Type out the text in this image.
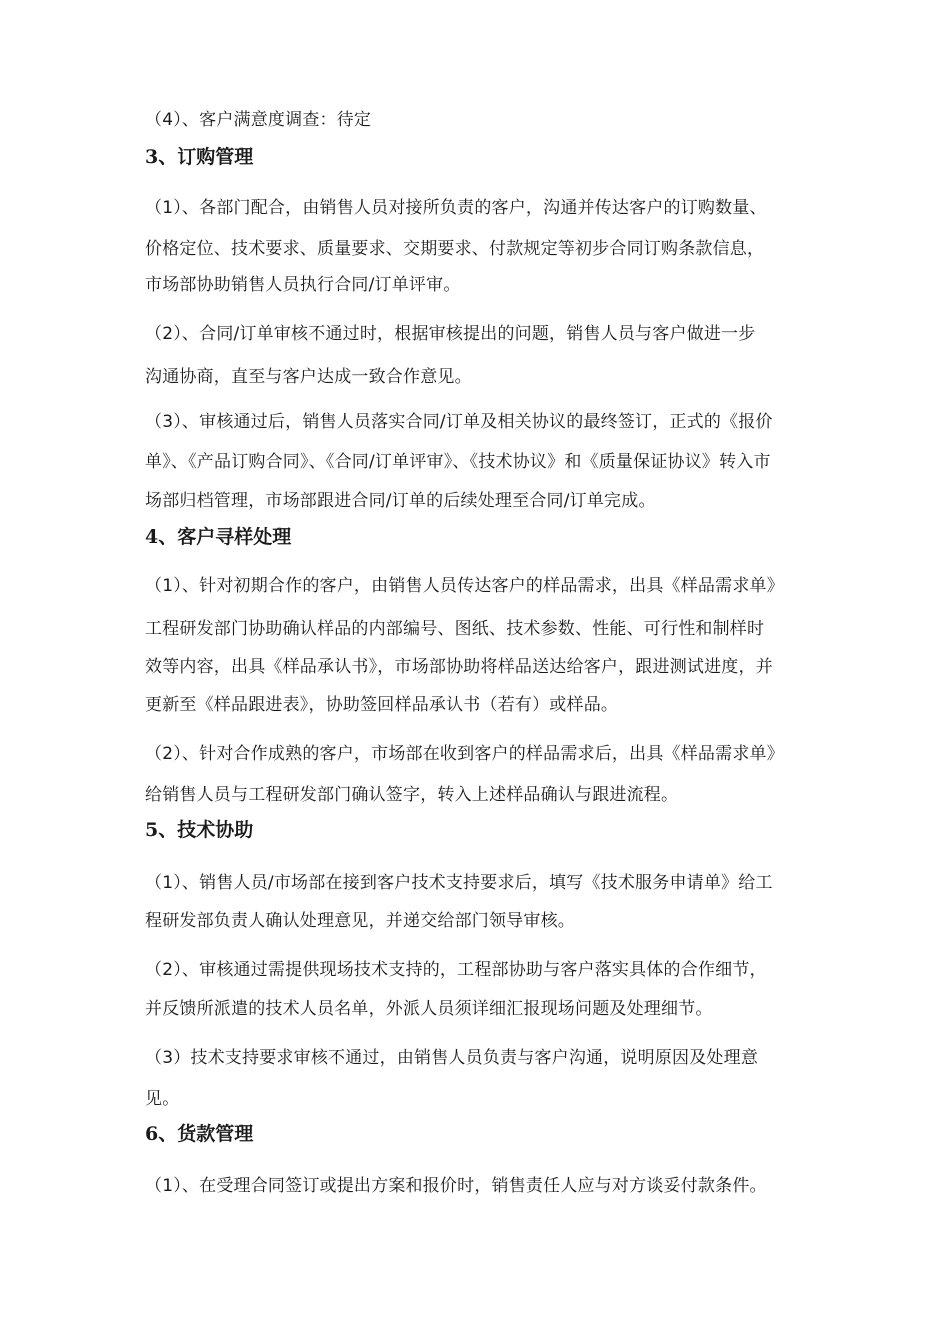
（4）、客户满意度调查：待定
3、订购管理
（1）、各部门配合，由销售人员对接所负责的客户，沟通并传达客户的订购数量、
价格定位、技术要求、质量要求、交期要求、付款规定等初步合同订购条款信息，
市场部协助销售人员执行合同/订单评审。
（2）、合同/订单审核不通过时，根据审核提出的问题，销售人员与客户做进一步
沟通协商，直至与客户达成一致合作意见。
（3）、审核通过后，销售人员落实合同/订单及相关协议的最终签订，正式的《报价
单》、《产品订购合同》、《合同/订单评审》、《技术协议》和《质量保证协议》转入市
场部归档管理，市场部跟进合同/订单的后续处理至合同/订单完成。
4、客户寻样处理
（1）、针对初期合作的客户，由销售人员传达客户的样品需求，出具《样品需求单》
工程研发部门协助确认样品的内部编号、图纸、技术参数、性能、可行性和制样时
效等内容，出具《样品承认书》，市场部协助将样品送达给客户，跟进测试进度，并
更新至《样品跟进表》，协助签回样品承认书（若有）或样品。
（2）、针对合作成熟的客户，市场部在收到客户的样品需求后，出具《样品需求单》
给销售人员与工程研发部门确认签字，转入上述样品确认与跟进流程。
5、技术协助
（1）、销售人员/市场部在接到客户技术支持要求后，填写《技术服务申请单》给工
程研发部负责人确认处理意见，并递交给部门领导审核。
（2）、审核通过需提供现场技术支持的，工程部协助与客户落实具体的合作细节，
并反馈所派遣的技术人员名单，外派人员须详细汇报现场问题及处理细节。
（3）技术支持要求审核不通过，由销售人员负责与客户沟通，说明原因及处理意
见。
6、货款管理
（1）、在受理合同签订或提出方案和报价时，销售责任人应与对方谈妥付款条件。
